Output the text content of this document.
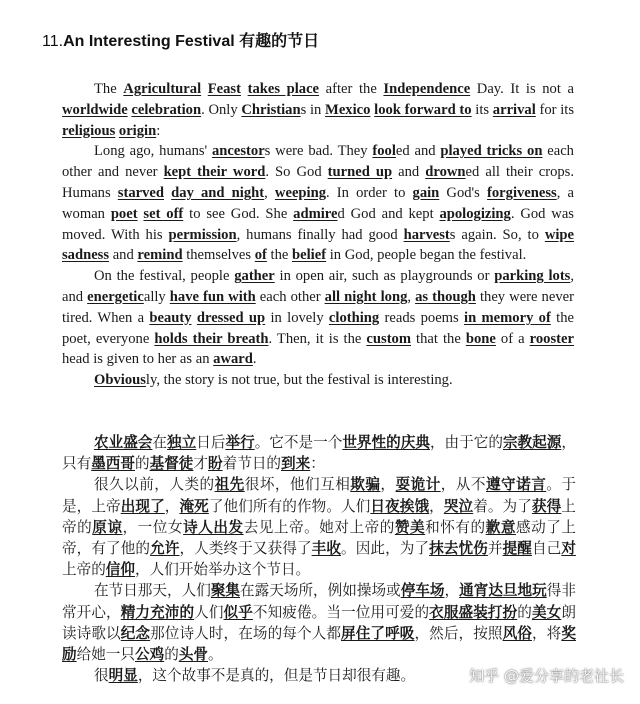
11.An Interesting Festival 有趣的节日

The Agricultural Feast takes place after the Independence Day. It is not a worldwide celebration. Only Christians in Mexico look forward to its arrival for its religious origin:

Long ago, humans' ancestors were bad. They fooled and played tricks on each other and never kept their word. So God turned up and drowned all their crops. Humans starved day and night, weeping. In order to gain God's forgiveness, a woman poet set off to see God. She admired God and kept apologizing. God was moved. With his permission, humans finally had good harvests again. So, to wipe sadness and remind themselves of the belief in God, people began the festival.

On the festival, people gather in open air, such as playgrounds or parking lots, and energetically have fun with each other all night long, as though they were never tired. When a beauty dressed up in lovely clothing reads poems in memory of the poet, everyone holds their breath. Then, it is the custom that the bone of a rooster head is given to her as an award.

Obviously, the story is not true, but the festival is interesting.

农业盛会在独立日后举行。它不是一个世界性的庆典，由于它的宗教起源，只有墨西哥的基督徒才盼着节日的到来：

很久以前，人类的祖先很坏，他们互相欺骗，耍诡计，从不遵守诺言。于是，上帝出现了，淹死了他们所有的作物。人们日夜挨饿，哭泣着。为了获得上帝的原谅，一位女诗人出发去见上帝。她对上帝的赞美和怀有的歉意感动了上帝，有了他的允许，人类终于又获得了丰收。因此，为了抹去忧伤并提醒自己对上帝的信仰，人们开始举办这个节日。

在节日那天，人们聚集在露天场所，例如操场或停车场，通宵达旦地玩得非常开心，精力充沛的人们似乎不知疲倦。当一位用可爱的衣服盛装打扮的美女朗读诗歌以纪念那位诗人时，在场的每个人都屏住了呼吸，然后，按照风俗，将奖励给她一只公鸡的头骨。

很明显，这个故事不是真的，但是节日却很有趣。	知乎 @爱分享的老社长
